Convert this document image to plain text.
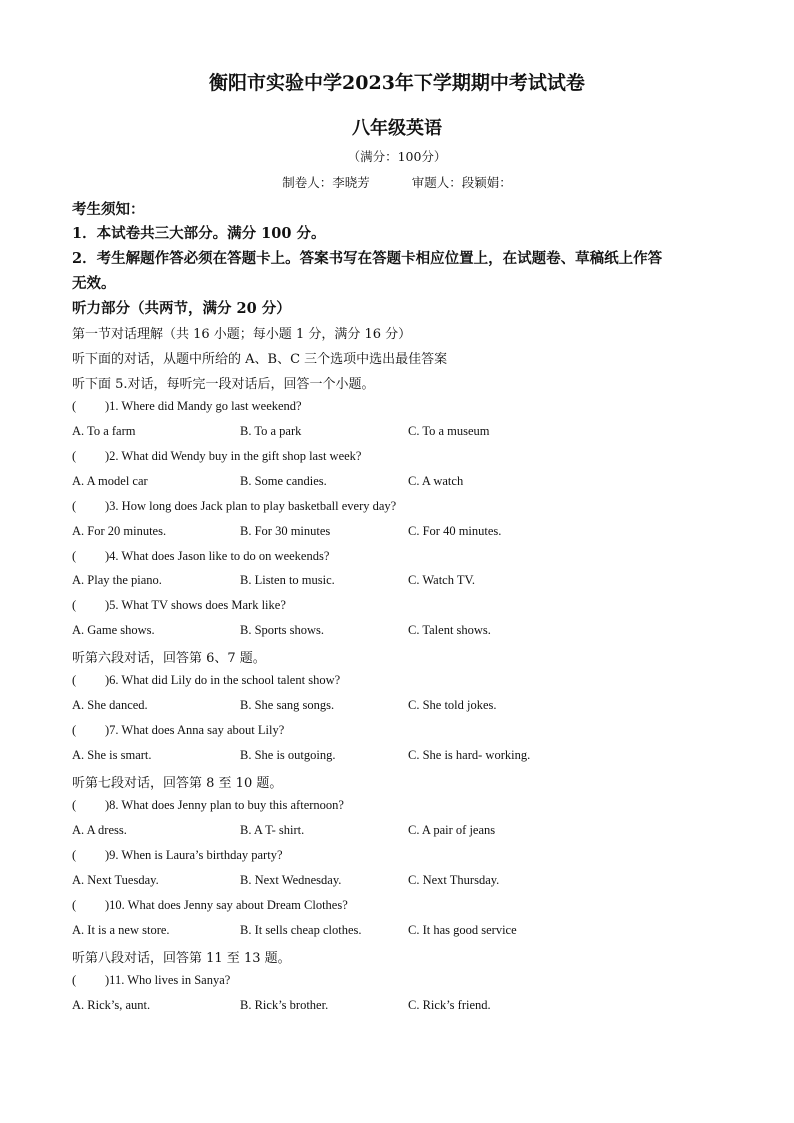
衡阳市实验中学2023年下学期期中考试试卷
八年级英语
（满分：100分）
制卷人：李晓芳	审题人：段颖娟：
考生须知：
1．本试卷共三大部分。满分 100 分。
2．考生解题作答必须在答题卡上。答案书写在答题卡相应位置上，在试题卷、草稿纸上作答
无效。
听力部分（共两节，满分 20 分）
第一节对话理解（共 16 小题；每小题 1 分，满分 16 分）
听下面的对话，从题中所给的 A、B、C 三个选项中选出最佳答案
听下面 5.对话，每听完一段对话后，回答一个小题。
( )1. Where did Mandy go last weekend?
A. To a farm	B. To a park	C. To a museum
( )2. What did Wendy buy in the gift shop last week?
A. A model car	B. Some candies.	C. A watch
( )3. How long does Jack plan to play basketball every day?
A. For 20 minutes.	B. For 30 minutes	C. For 40 minutes.
( )4. What does Jason like to do on weekends?
A. Play the piano.	B. Listen to music.	C. Watch TV.
( )5. What TV shows does Mark like?
A. Game shows.	B. Sports shows.	C. Talent shows.
听第六段对话，回答第 6、7 题。
( )6. What did Lily do in the school talent show?
A. She danced.	B. She sang songs.	C. She told jokes.
( )7. What does Anna say about Lily?
A. She is smart.	B. She is outgoing.	C. She is hard- working.
听第七段对话，回答第 8 至 10 题。
( )8. What does Jenny plan to buy this afternoon?
A. A dress.	B. A T- shirt.	C. A pair of jeans
( )9. When is Laura’s birthday party?
A. Next Tuesday.	B. Next Wednesday.	C. Next Thursday.
( )10. What does Jenny say about Dream Clothes?
A. It is a new store.	B. It sells cheap clothes.	C. It has good service
听第八段对话，回答第 11 至 13 题。
( )11. Who lives in Sanya?
A. Rick’s, aunt.	B. Rick’s brother.	C. Rick’s friend.
